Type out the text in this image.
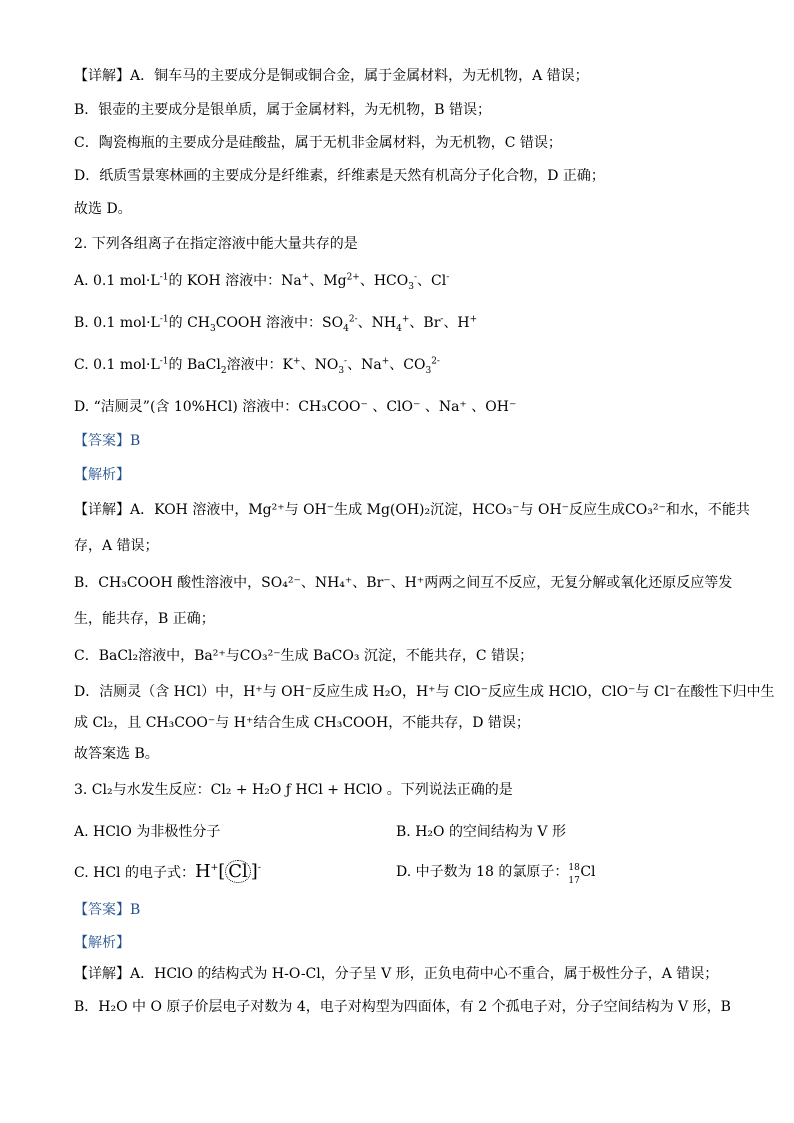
【详解】A．铜车马的主要成分是铜或铜合金，属于金属材料，为无机物，A 错误；
B．银壶的主要成分是银单质，属于金属材料，为无机物，B 错误；
C．陶瓷梅瓶的主要成分是硅酸盐，属于无机非金属材料，为无机物，C 错误；
D．纸质雪景寒林画的主要成分是纤维素，纤维素是天然有机高分子化合物，D 正确；
故选 D。
2. 下列各组离子在指定溶液中能大量共存的是
A. 0.1 $mol\cdot L^{-1}$的 KOH 溶液中：Na+、$Mg^{2+}$、$HCO_3^-$、Cl-
B. 0.1 $mol\cdot L^{-1}$的 $CH_3COOH$ 溶液中：$SO_4^{2-}$、$NH_4^+$、Br-、H+
C. 0.1 $mol\cdot L^{-1}$的 BaCl$_2$溶液中：K+、$NO_3^-$、Na+、$CO_3^{2-}$
D. “洁厕灵”(含 10%HCl) 溶液中：CH₃COO⁻ 、ClO⁻ 、Na⁺ 、OH⁻
【答案】B
【解析】
【详解】A．KOH 溶液中，Mg²⁺与 OH⁻生成 Mg(OH)₂沉淀，HCO₃⁻与 OH⁻反应生成CO₃²⁻和水，不能共
存，A 错误；
B．CH₃COOH 酸性溶液中，SO₄²⁻、NH₄⁺、Br⁻、H⁺两两之间互不反应，无复分解或氧化还原反应等发
生，能共存，B 正确；
C．BaCl₂溶液中，Ba²⁺与CO₃²⁻生成 BaCO₃ 沉淀，不能共存，C 错误；
D．洁厕灵（含 HCl）中，H⁺与 OH⁻反应生成 H₂O，H⁺与 ClO⁻反应生成 HClO，ClO⁻与 Cl⁻在酸性下归中生
成 Cl₂，且 CH₃COO⁻与 H⁺结合生成 CH₃COOH，不能共存，D 错误；
故答案选 B。
3. Cl₂与水发生反应：Cl₂ + H₂O ƒ HCl + HClO 。下列说法正确的是
A. HClO 为非极性分子	B. H₂O 的空间结构为 V 形
C. HCl 的电子式：H+[ Cl ]-	D. 中子数为 18 的氯原子： 18
17
Cl
【答案】B
【解析】
【详解】A．HClO 的结构式为 H-O-Cl，分子呈 V 形，正负电荷中心不重合，属于极性分子，A 错误；
B．H₂O 中 O 原子价层电子对数为 4，电子对构型为四面体，有 2 个孤电子对，分子空间结构为 V 形，B
